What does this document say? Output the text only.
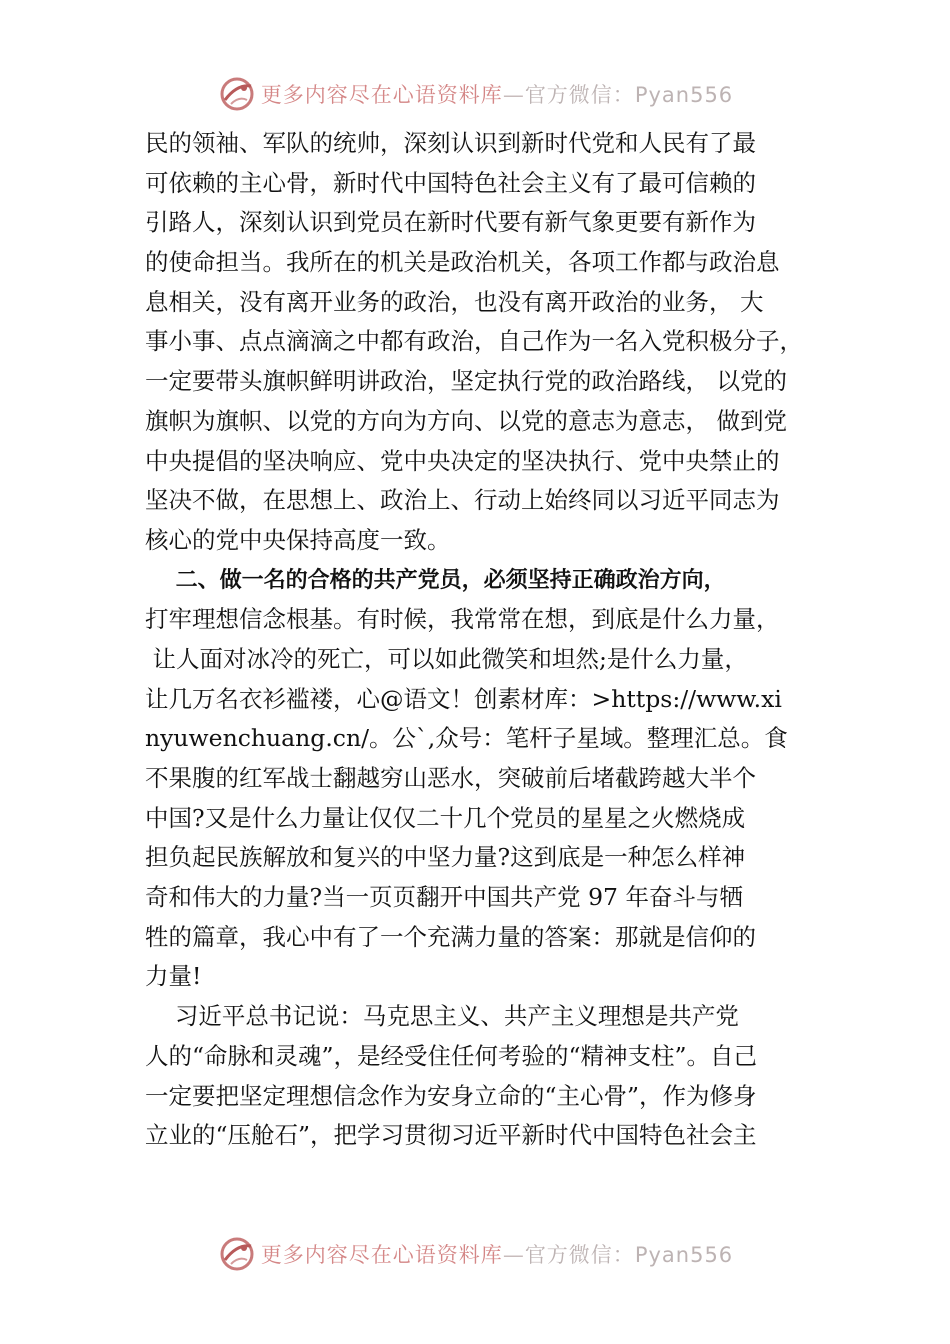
更多内容尽在心语资料库—官方微信：Pyan556
民的领袖、军队的统帅，深刻认识到新时代党和人民有了最
可依赖的主心骨，新时代中国特色社会主义有了最可信赖的
引路人，深刻认识到党员在新时代要有新气象更要有新作为
的使命担当。我所在的机关是政治机关，各项工作都与政治息
息相关，没有离开业务的政治，也没有离开政治的业务， 大
事小事、点点滴滴之中都有政治，自己作为一名入党积极分子，
一定要带头旗帜鲜明讲政治，坚定执行党的政治路线， 以党的
旗帜为旗帜、以党的方向为方向、以党的意志为意志， 做到党
中央提倡的坚决响应、党中央决定的坚决执行、党中央禁止的
坚决不做，在思想上、政治上、行动上始终同以习近平同志为
核心的党中央保持高度一致。
二、做一名的合格的共产党员，必须坚持正确政治方向，
打牢理想信念根基。有时候，我常常在想，到底是什么力量，
让人面对冰冷的死亡，可以如此微笑和坦然;是什么力量，
让几万名衣衫褴褛，心@语文！创素材库：>https://www.xi
nyuwenchuang.cn/。公`,众号：笔杆子星域。整理汇总。食
不果腹的红军战士翻越穷山恶水，突破前后堵截跨越大半个
中国?又是什么力量让仅仅二十几个党员的星星之火燃烧成
担负起民族解放和复兴的中坚力量?这到底是一种怎么样神
奇和伟大的力量?当一页页翻开中国共产党 97 年奋斗与牺
牲的篇章，我心中有了一个充满力量的答案：那就是信仰的
力量!
习近平总书记说：马克思主义、共产主义理想是共产党
人的“命脉和灵魂”，是经受住任何考验的“精神支柱”。自己
一定要把坚定理想信念作为安身立命的“主心骨”，作为修身
立业的“压舱石”，把学习贯彻习近平新时代中国特色社会主
更多内容尽在心语资料库—官方微信：Pyan556
